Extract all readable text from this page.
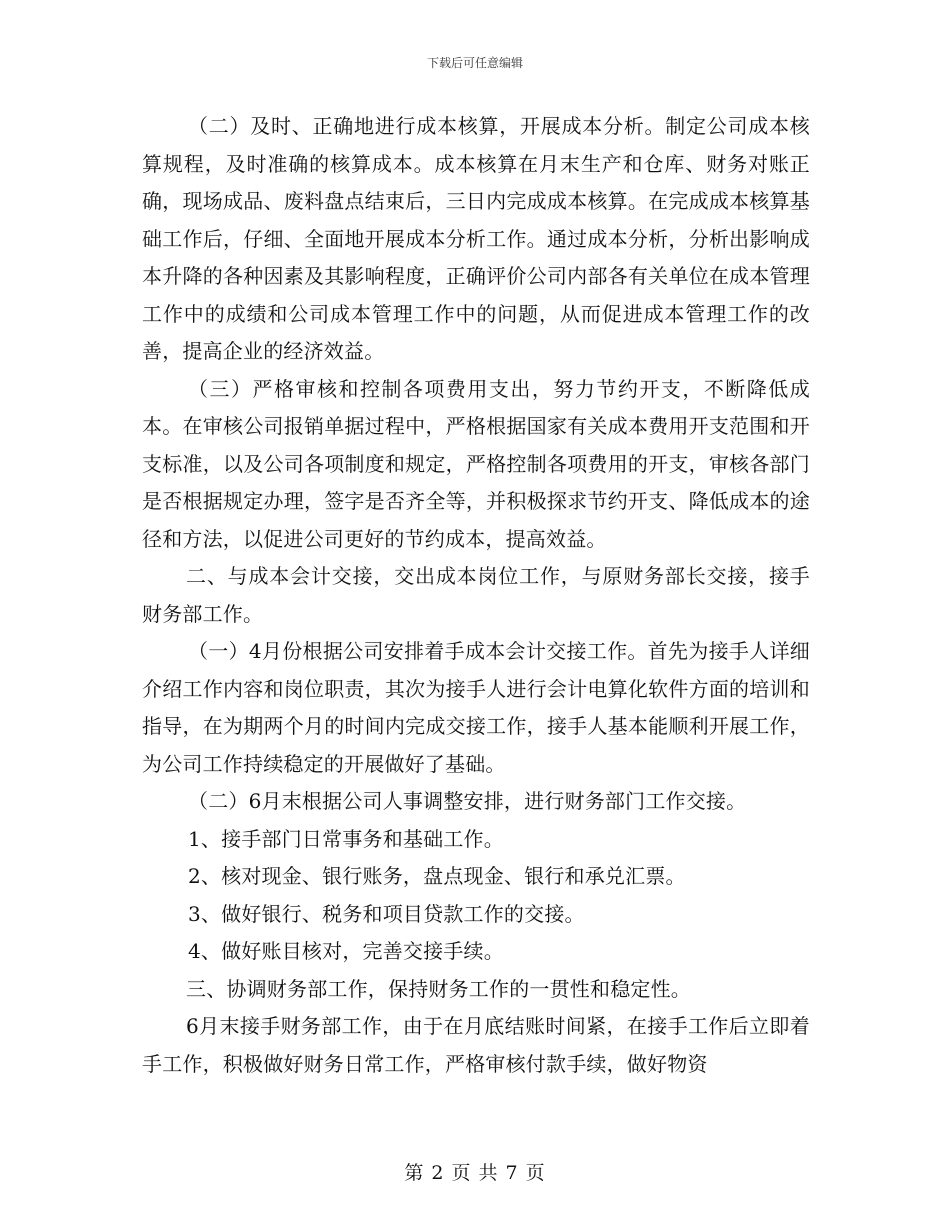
下载后可任意编辑

（二）及时、正确地进行成本核算，开展成本分析。制定公司成本核算规程，及时准确的核算成本。成本核算在月末生产和仓库、财务对账正确，现场成品、废料盘点结束后，三日内完成成本核算。在完成成本核算基础工作后，仔细、全面地开展成本分析工作。通过成本分析，分析出影响成本升降的各种因素及其影响程度，正确评价公司内部各有关单位在成本管理工作中的成绩和公司成本管理工作中的问题，从而促进成本管理工作的改善，提高企业的经济效益。

（三）严格审核和控制各项费用支出，努力节约开支，不断降低成本。在审核公司报销单据过程中，严格根据国家有关成本费用开支范围和开支标准，以及公司各项制度和规定，严格控制各项费用的开支，审核各部门是否根据规定办理，签字是否齐全等，并积极探求节约开支、降低成本的途径和方法，以促进公司更好的节约成本，提高效益。

二、与成本会计交接，交出成本岗位工作，与原财务部长交接，接手财务部工作。

（一）4月份根据公司安排着手成本会计交接工作。首先为接手人详细介绍工作内容和岗位职责，其次为接手人进行会计电算化软件方面的培训和指导，在为期两个月的时间内完成交接工作，接手人基本能顺利开展工作，为公司工作持续稳定的开展做好了基础。

（二）6月末根据公司人事调整安排，进行财务部门工作交接。

1、接手部门日常事务和基础工作。

2、核对现金、银行账务，盘点现金、银行和承兑汇票。

3、做好银行、税务和项目贷款工作的交接。

4、做好账目核对，完善交接手续。

三、协调财务部工作，保持财务工作的一贯性和稳定性。

6月末接手财务部工作，由于在月底结账时间紧，在接手工作后立即着手工作，积极做好财务日常工作，严格审核付款手续，做好物资

第 2 页 共 7 页
